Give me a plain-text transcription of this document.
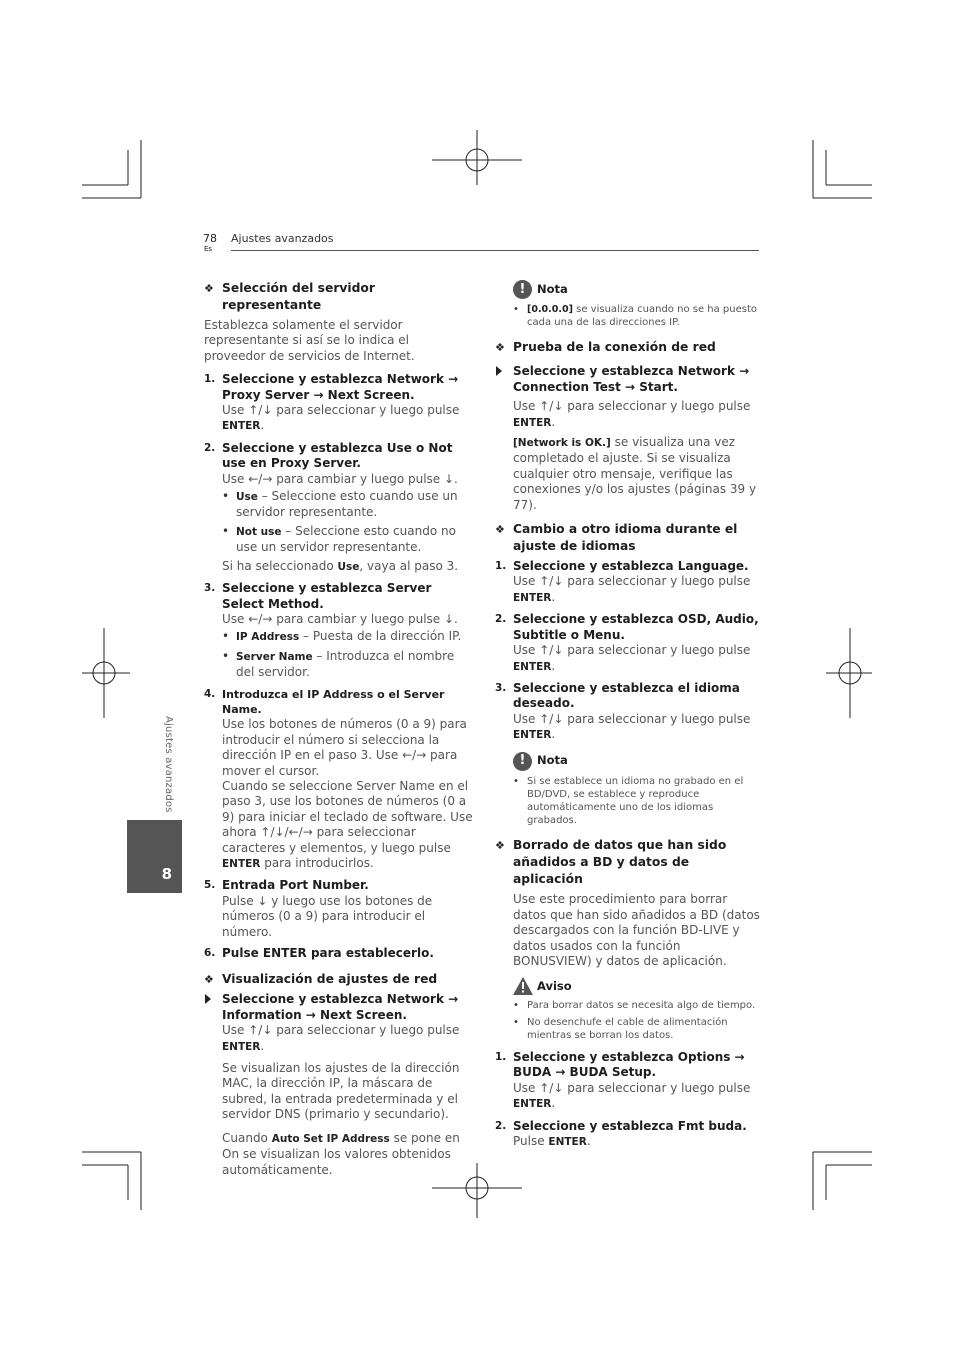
78
Es
Ajustes avanzados
Ajustes avanzados
8
❖ Selección del servidor representante
Establezca solamente el servidor representante si así se lo indica el proveedor de servicios de Internet.
1. Seleccione y establezca Network → Proxy Server → Next Screen.
Use ↑/↓ para seleccionar y luego pulse
ENTER.
2. Seleccione y establezca Use o Not use en Proxy Server.
Use ←/→ para cambiar y luego pulse ↓.
• Use – Seleccione esto cuando use un servidor representante.
• Not use – Seleccione esto cuando no use un servidor representante.
Si ha seleccionado Use, vaya al paso 3.
3. Seleccione y establezca Server Select Method.
Use ←/→ para cambiar y luego pulse ↓.
• IP Address – Puesta de la dirección IP.
• Server Name – Introduzca el nombre del servidor.
4. Introduzca el IP Address o el Server Name.
Use los botones de números (0 a 9) para introducir el número si selecciona la dirección IP en el paso 3. Use ←/→ para mover el cursor.
Cuando se seleccione Server Name en el paso 3, use los botones de números (0 a 9) para iniciar el teclado de software. Use ahora ↑/↓/←/→ para seleccionar caracteres y elementos, y luego pulse ENTER para introducirlos.
5. Entrada Port Number.
Pulse ↓ y luego use los botones de números (0 a 9) para introducir el número.
6. Pulse ENTER para establecerlo.
❖ Visualización de ajustes de red
Seleccione y establezca Network → Information → Next Screen.
Use ↑/↓ para seleccionar y luego pulse
ENTER.
Se visualizan los ajustes de la dirección MAC, la dirección IP, la máscara de subred, la entrada predeterminada y el servidor DNS (primario y secundario).
Cuando Auto Set IP Address se pone en On se visualizan los valores obtenidos automáticamente.
!	Nota
• [0.0.0.0] se visualiza cuando no se ha puesto cada una de las direcciones IP.
❖ Prueba de la conexión de red
Seleccione y establezca Network → Connection Test → Start.
Use ↑/↓ para seleccionar y luego pulse
ENTER.
[Network is OK.] se visualiza una vez completado el ajuste. Si se visualiza cualquier otro mensaje, verifique las conexiones y/o los ajustes (páginas 39 y 77).
❖ Cambio a otro idioma durante el ajuste de idiomas
1. Seleccione y establezca Language.
Use ↑/↓ para seleccionar y luego pulse
ENTER.
2. Seleccione y establezca OSD, Audio, Subtitle o Menu.
Use ↑/↓ para seleccionar y luego pulse
ENTER.
3. Seleccione y establezca el idioma deseado.
Use ↑/↓ para seleccionar y luego pulse
ENTER.
!	Nota
• Si se establece un idioma no grabado en el BD/DVD, se establece y reproduce automáticamente uno de los idiomas grabados.
❖ Borrado de datos que han sido añadidos a BD y datos de aplicación
Use este procedimiento para borrar datos que han sido añadidos a BD (datos descargados con la función BD-LIVE y datos usados con la función BONUSVIEW) y datos de aplicación.
Aviso
• Para borrar datos se necesita algo de tiempo.
• No desenchufe el cable de alimentación mientras se borran los datos.
1. Seleccione y establezca Options → BUDA → BUDA Setup.
Use ↑/↓ para seleccionar y luego pulse
ENTER.
2. Seleccione y establezca Fmt buda.
Pulse ENTER.
